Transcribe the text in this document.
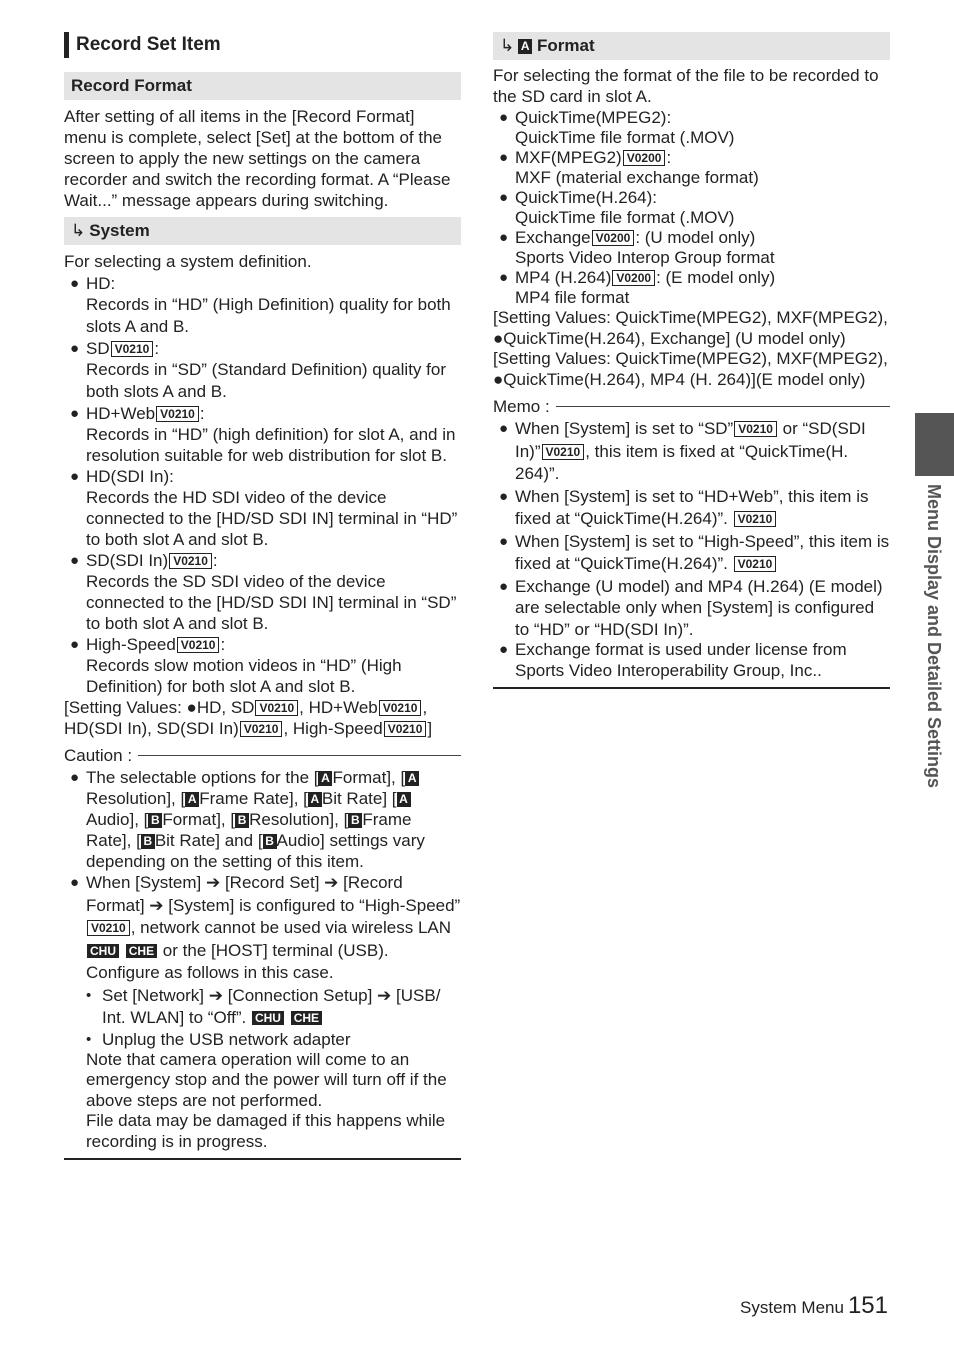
Record Set Item
Record Format
After setting of all items in the [Record Format] menu is complete, select [Set] at the bottom of the screen to apply the new settings on the camera recorder and switch the recording format. A “Please Wait...” message appears during switching.
↳ System
For selecting a system definition.
● HD:
Records in “HD” (High Definition) quality for both slots A and B.
● SD V0210 :
Records in “SD” (Standard Definition) quality for both slots A and B.
● HD+Web V0210 :
Records in “HD” (high definition) for slot A, and in resolution suitable for web distribution for slot B.
● HD(SDI In):
Records the HD SDI video of the device connected to the [HD/SD SDI IN] terminal in “HD” to both slot A and slot B.
● SD(SDI In) V0210 :
Records the SD SDI video of the device connected to the [HD/SD SDI IN] terminal in “SD” to both slot A and slot B.
● High-Speed V0210 :
Records slow motion videos in “HD” (High Definition) for both slot A and slot B.
[Setting Values: ●HD, SD V0210 , HD+Web V0210 ,
HD(SDI In), SD(SDI In) V0210 , High-Speed V0210 ]
Caution :
● The selectable options for the [ A Format], [ AResolution], [ A Frame Rate], [ A Bit Rate] [ AAudio], [ B Format], [ B Resolution], [ B Frame Rate], [ B Bit Rate] and [ B Audio] settings vary depending on the setting of this item.
● When [System] ➔ [Record Set] ➔ [Record Format] ➔ [System] is configured to “High-Speed”V0210 , network cannot be used via wireless LAN CHU CHE or the [HOST] terminal (USB). Configure as follows in this case.
• Set [Network] ➔ [Connection Setup] ➔ [USB/ Int. WLAN] to “Off”. CHU CHE
• Unplug the USB network adapter
Note that camera operation will come to an emergency stop and the power will turn off if the above steps are not performed.
File data may be damaged if this happens while recording is in progress.
↳ A Format
For selecting the format of the file to be recorded to the SD card in slot A.
● QuickTime(MPEG2):
QuickTime file format (.MOV)
● MXF(MPEG2) V0200 :
MXF (material exchange format)
● QuickTime(H.264):
QuickTime file format (.MOV)
● Exchange V0200 : (U model only)
Sports Video Interop Group format
● MP4 (H.264) V0200 : (E model only)
MP4 file format
[Setting Values: QuickTime(MPEG2), MXF(MPEG2), ●QuickTime(H.264), Exchange] (U model only)
[Setting Values: QuickTime(MPEG2), MXF(MPEG2), ●QuickTime(H.264), MP4 (H. 264)](E model only)
Memo :
● When [System] is set to “SD” V0210 or “SD(SDI In)” V0210 , this item is fixed at “QuickTime(H. 264)”.
● When [System] is set to “HD+Web”, this item is fixed at “QuickTime(H.264)”. V0210
● When [System] is set to “High-Speed”, this item is fixed at “QuickTime(H.264)”. V0210
● Exchange (U model) and MP4 (H.264) (E model) are selectable only when [System] is configured to “HD” or “HD(SDI In)”.
● Exchange format is used under license from Sports Video Interoperability Group, Inc..	Menu Display and Detailed Settings
System Menu 151
